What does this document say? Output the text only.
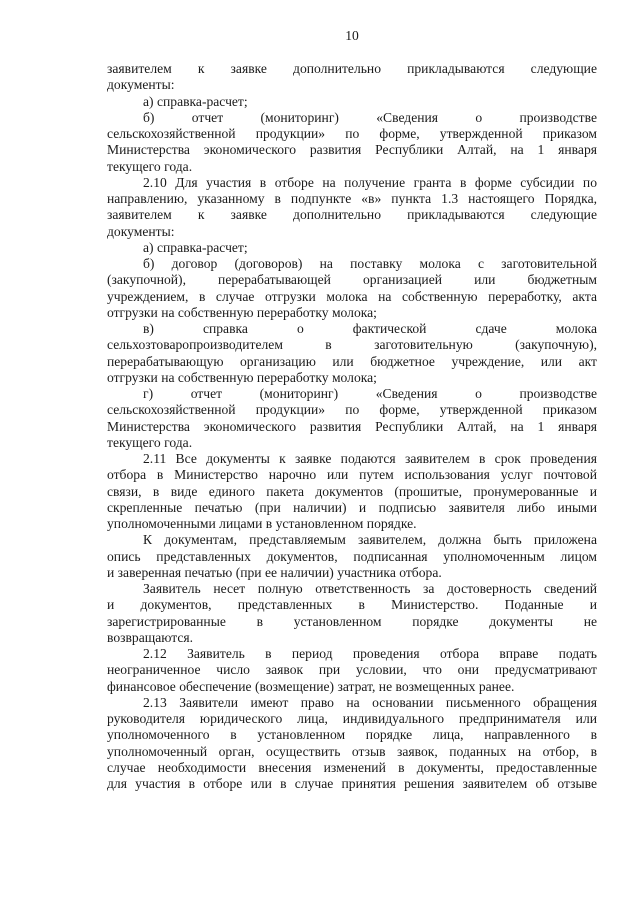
10
заявителем к заявке дополнительно прикладываются следующие
документы:
а) справка-расчет;
б) отчет (мониторинг) «Сведения о производстве
сельскохозяйственной продукции» по форме, утвержденной приказом
Министерства экономического развития Республики Алтай, на 1 января
текущего года.
2.10 Для участия в отборе на получение гранта в форме субсидии по
направлению, указанному в подпункте «в» пункта 1.3 настоящего Порядка,
заявителем к заявке дополнительно прикладываются следующие
документы:
а) справка-расчет;
б) договор (договоров) на поставку молока с заготовительной
(закупочной), перерабатывающей организацией или бюджетным
учреждением, в случае отгрузки молока на собственную переработку, акта
отгрузки на собственную переработку молока;
в) справка о фактической сдаче молока
сельхозтоваропроизводителем в заготовительную (закупочную),
перерабатывающую организацию или бюджетное учреждение, или акт
отгрузки на собственную переработку молока;
г) отчет (мониторинг) «Сведения о производстве
сельскохозяйственной продукции» по форме, утвержденной приказом
Министерства экономического развития Республики Алтай, на 1 января
текущего года.
2.11 Все документы к заявке подаются заявителем в срок проведения
отбора в Министерство нарочно или путем использования услуг почтовой
связи, в виде единого пакета документов (прошитые, пронумерованные и
скрепленные печатью (при наличии) и подписью заявителя либо иными
уполномоченными лицами в установленном порядке.
К документам, представляемым заявителем, должна быть приложена
опись представленных документов, подписанная уполномоченным лицом
и заверенная печатью (при ее наличии) участника отбора.
Заявитель несет полную ответственность за достоверность сведений
и документов, представленных в Министерство. Поданные и
зарегистрированные в установленном порядке документы не
возвращаются.
2.12 Заявитель в период проведения отбора вправе подать
неограниченное число заявок при условии, что они предусматривают
финансовое обеспечение (возмещение) затрат, не возмещенных ранее.
2.13 Заявители имеют право на основании письменного обращения
руководителя юридического лица, индивидуального предпринимателя или
уполномоченного в установленном порядке лица, направленного в
уполномоченный орган, осуществить отзыв заявок, поданных на отбор, в
случае необходимости внесения изменений в документы, предоставленные
для участия в отборе или в случае принятия решения заявителем об отзыве
